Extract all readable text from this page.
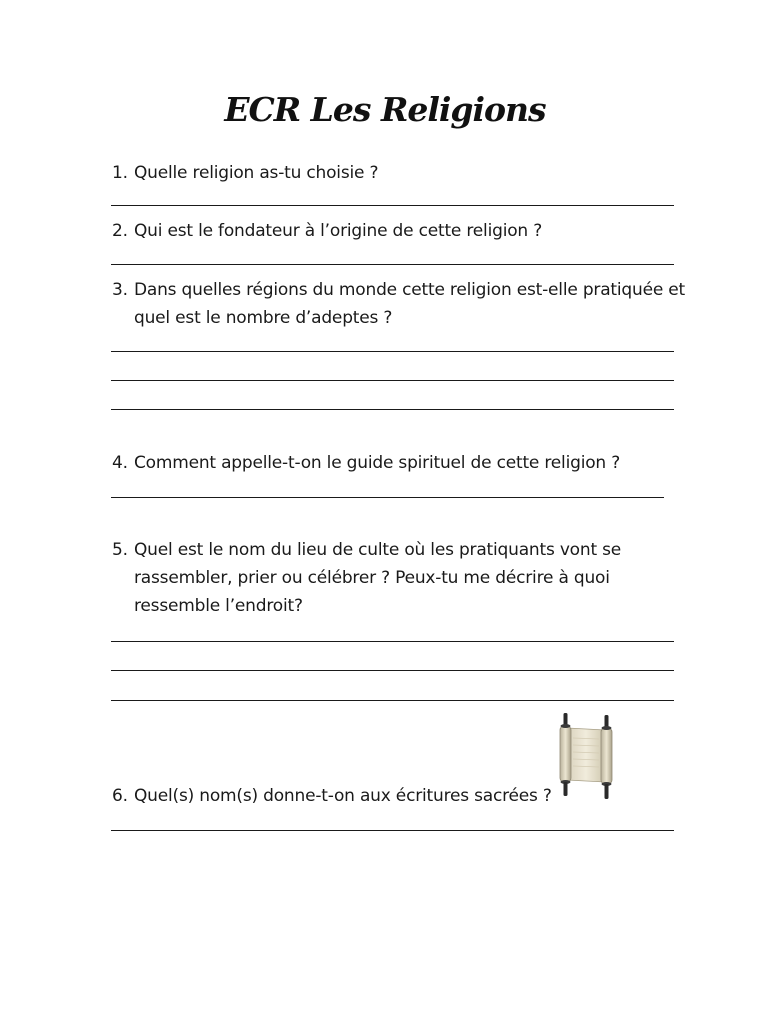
ECR Les Religions
1. Quelle religion as-tu choisie ?
2. Qui est le fondateur à l’origine de cette religion ?
3. Dans quelles régions du monde cette religion est-elle pratiquée et
quel est le nombre d’adeptes ?
4. Comment appelle-t-on le guide spirituel de cette religion ?
5. Quel est le nom du lieu de culte où les pratiquants vont se
rassembler, prier ou célébrer ? Peux-tu me décrire à quoi
ressemble l’endroit?
6. Quel(s) nom(s) donne-t-on aux écritures sacrées ?
